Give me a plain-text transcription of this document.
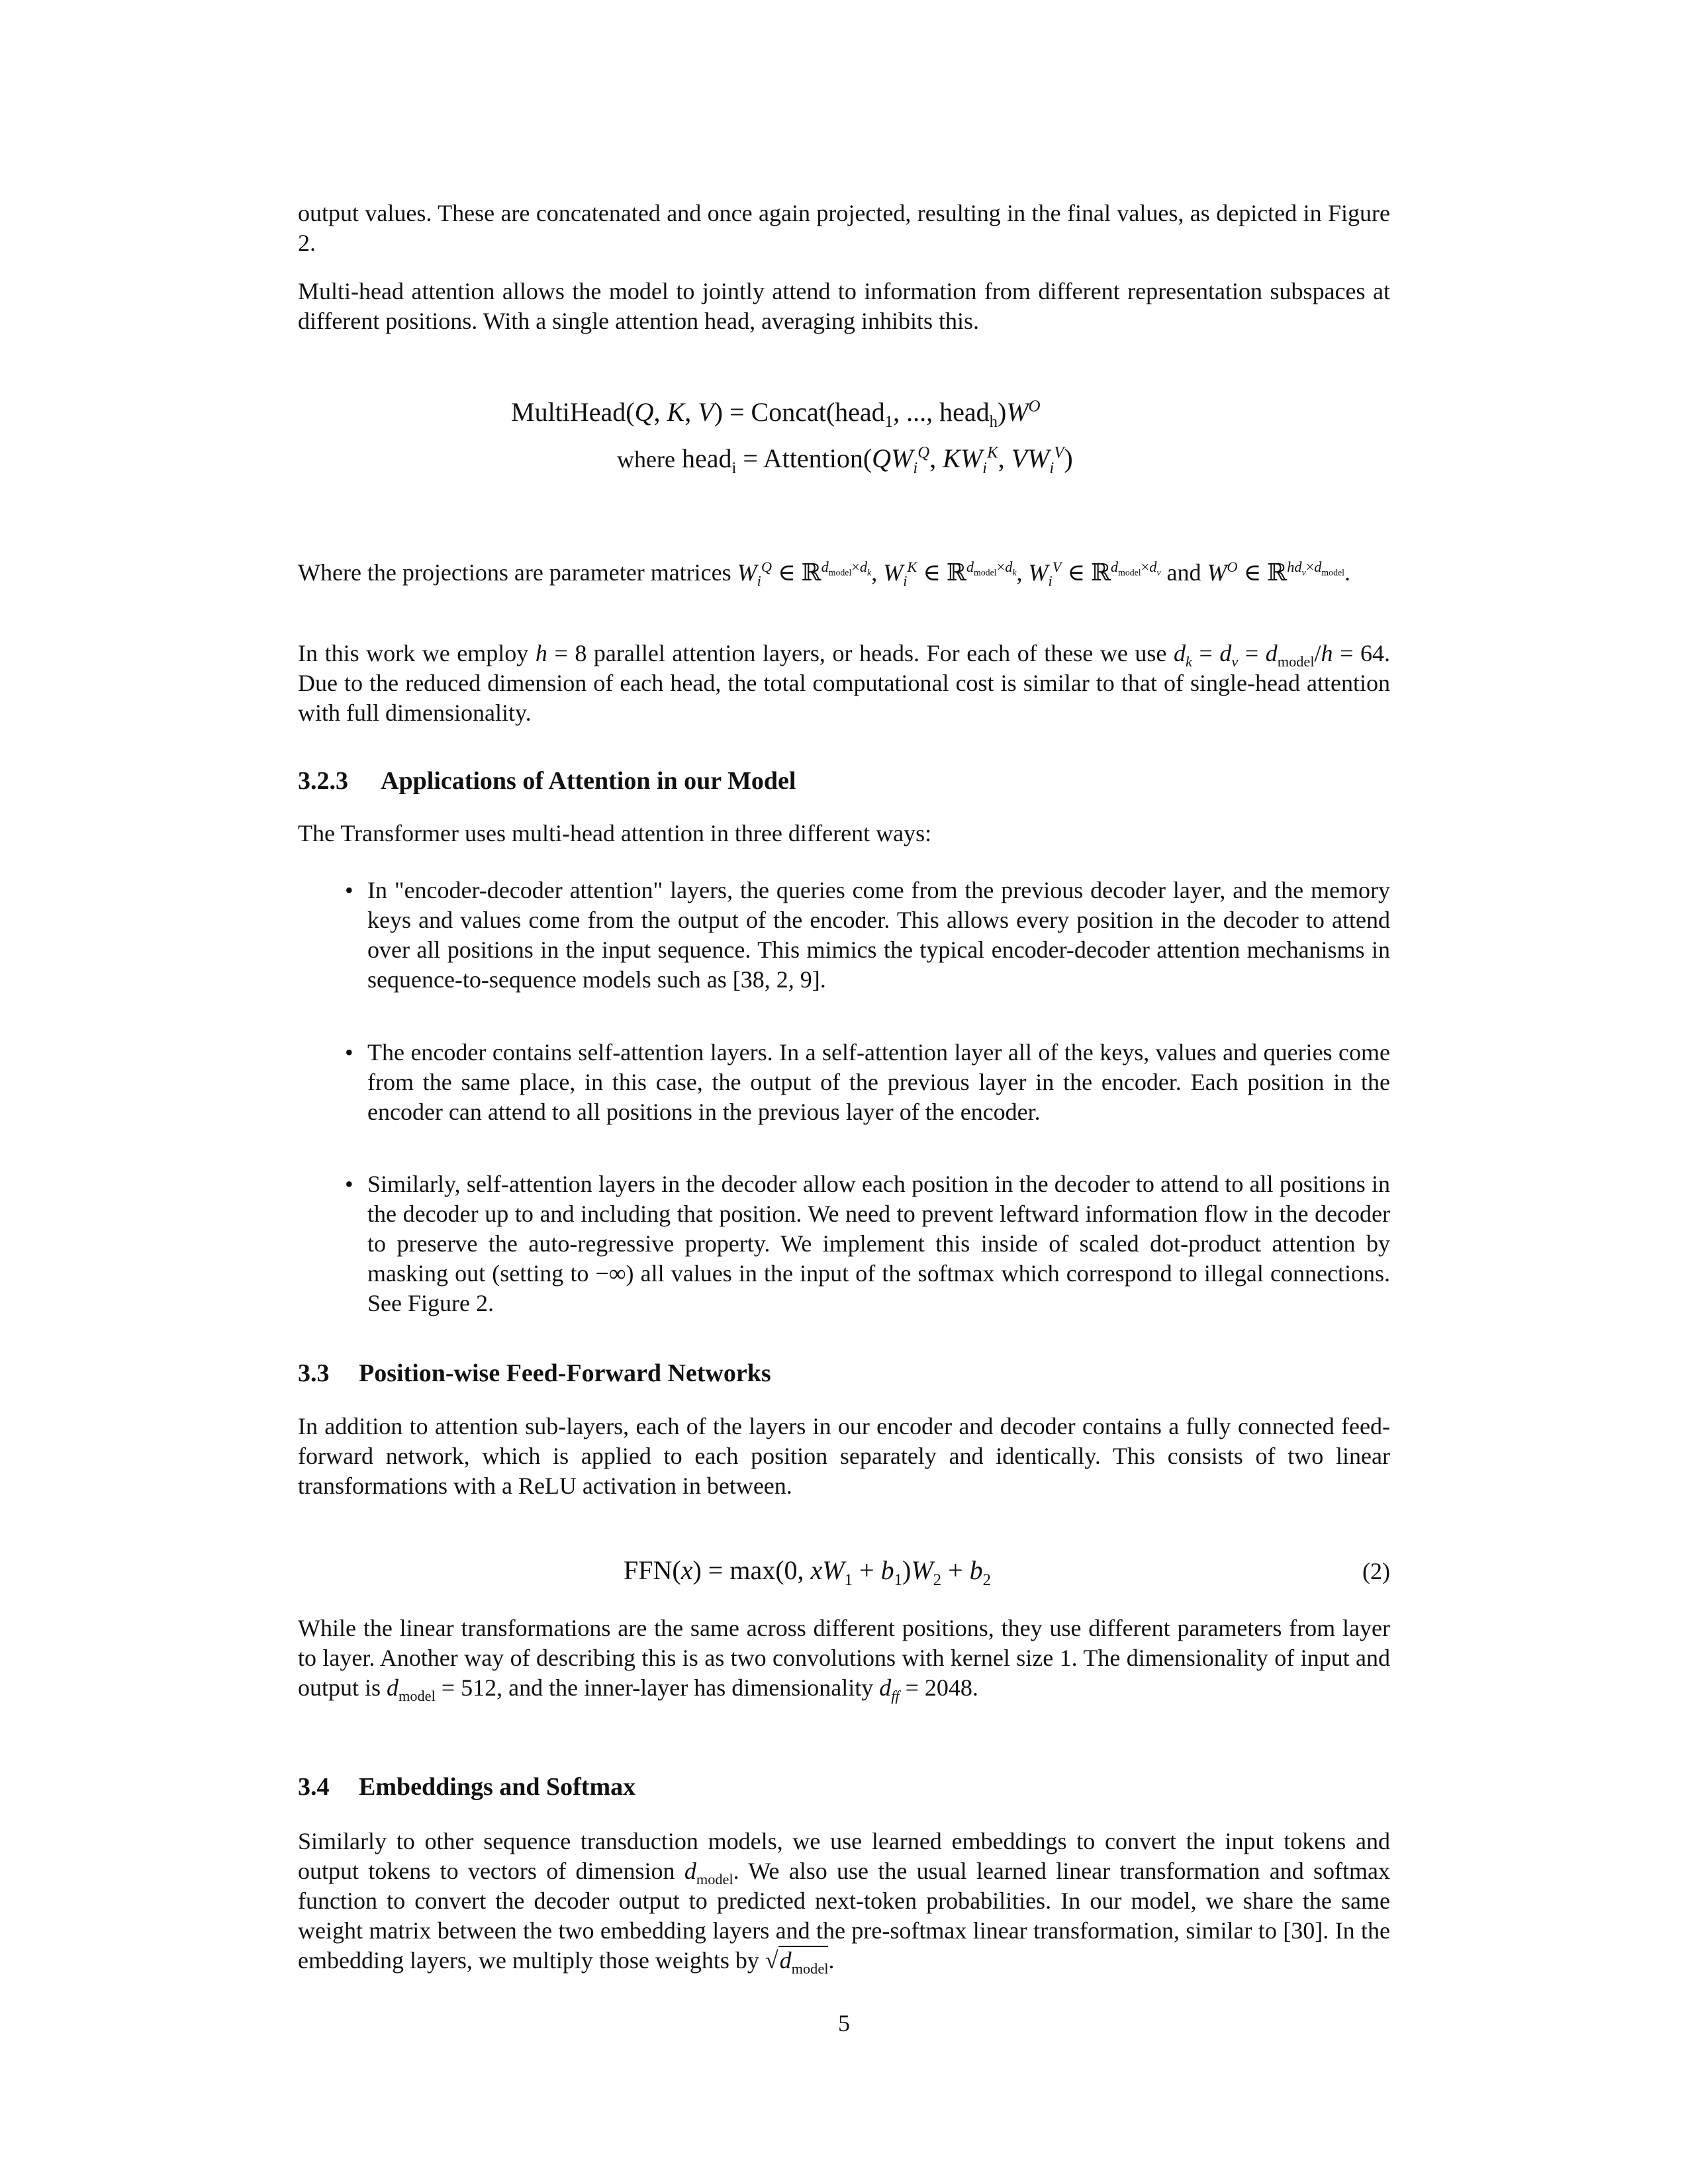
output values. These are concatenated and once again projected, resulting in the final values, as depicted in Figure 2.

Multi-head attention allows the model to jointly attend to information from different representation subspaces at different positions. With a single attention head, averaging inhibits this.

MultiHead(Q, K, V) = Concat(head$_1$, ..., $head_h)W^O$
where head$_i$ = $Attention(QW_i^Q$, $KW_i^K$, $VW_i^V$)

Where the projections are parameter matrices $W_i^Q$ ∈ ℝ$^{d_{model}\times d_k}$, $W_i^K$ ∈ ℝ$^{d_{model}\times d_k}$, $W_i^V$ ∈ ℝ$^{d_{model}\times d_v}$ and $W^O$ ∈ ℝ$^{hd_v\times d_{model}}$.

In this work we employ h = 8 parallel attention layers, or heads. For each of these we use $d_k = d_v = d_{model}/h = 64$. Due to the reduced dimension of each head, the total computational cost is similar to that of single-head attention with full dimensionality.

3.2.3 Applications of Attention in our Model

The Transformer uses multi-head attention in three different ways:

• In "encoder-decoder attention" layers, the queries come from the previous decoder layer, and the memory keys and values come from the output of the encoder. This allows every position in the decoder to attend over all positions in the input sequence. This mimics the typical encoder-decoder attention mechanisms in sequence-to-sequence models such as [38, 2, 9].

• The encoder contains self-attention layers. In a self-attention layer all of the keys, values and queries come from the same place, in this case, the output of the previous layer in the encoder. Each position in the encoder can attend to all positions in the previous layer of the encoder.

• Similarly, self-attention layers in the decoder allow each position in the decoder to attend to all positions in the decoder up to and including that position. We need to prevent leftward information flow in the decoder to preserve the auto-regressive property. We implement this inside of scaled dot-product attention by masking out (setting to −∞) all values in the input of the softmax which correspond to illegal connections. See Figure 2.

3.3 Position-wise Feed-Forward Networks

In addition to attention sub-layers, each of the layers in our encoder and decoder contains a fully connected feed-forward network, which is applied to each position separately and identically. This consists of two linear transformations with a ReLU activation in between.

FFN(x) = max(0, $xW_1 + b_1)W_2 + b_2$	(2)

While the linear transformations are the same across different positions, they use different parameters from layer to layer. Another way of describing this is as two convolutions with kernel size 1. The dimensionality of input and output is $d_{model} = 512$, and the inner-layer has dimensionality $d_{ff} = 2048$.

3.4 Embeddings and Softmax

Similarly to other sequence transduction models, we use learned embeddings to convert the input tokens and output tokens to vectors of dimension $d_{model}$. We also use the usual learned linear transformation and softmax function to convert the decoder output to predicted next-token probabilities. In our model, we share the same weight matrix between the two embedding layers and the pre-softmax linear transformation, similar to [30]. In the embedding layers, we multiply those weights by $√d_{model}$.

5
